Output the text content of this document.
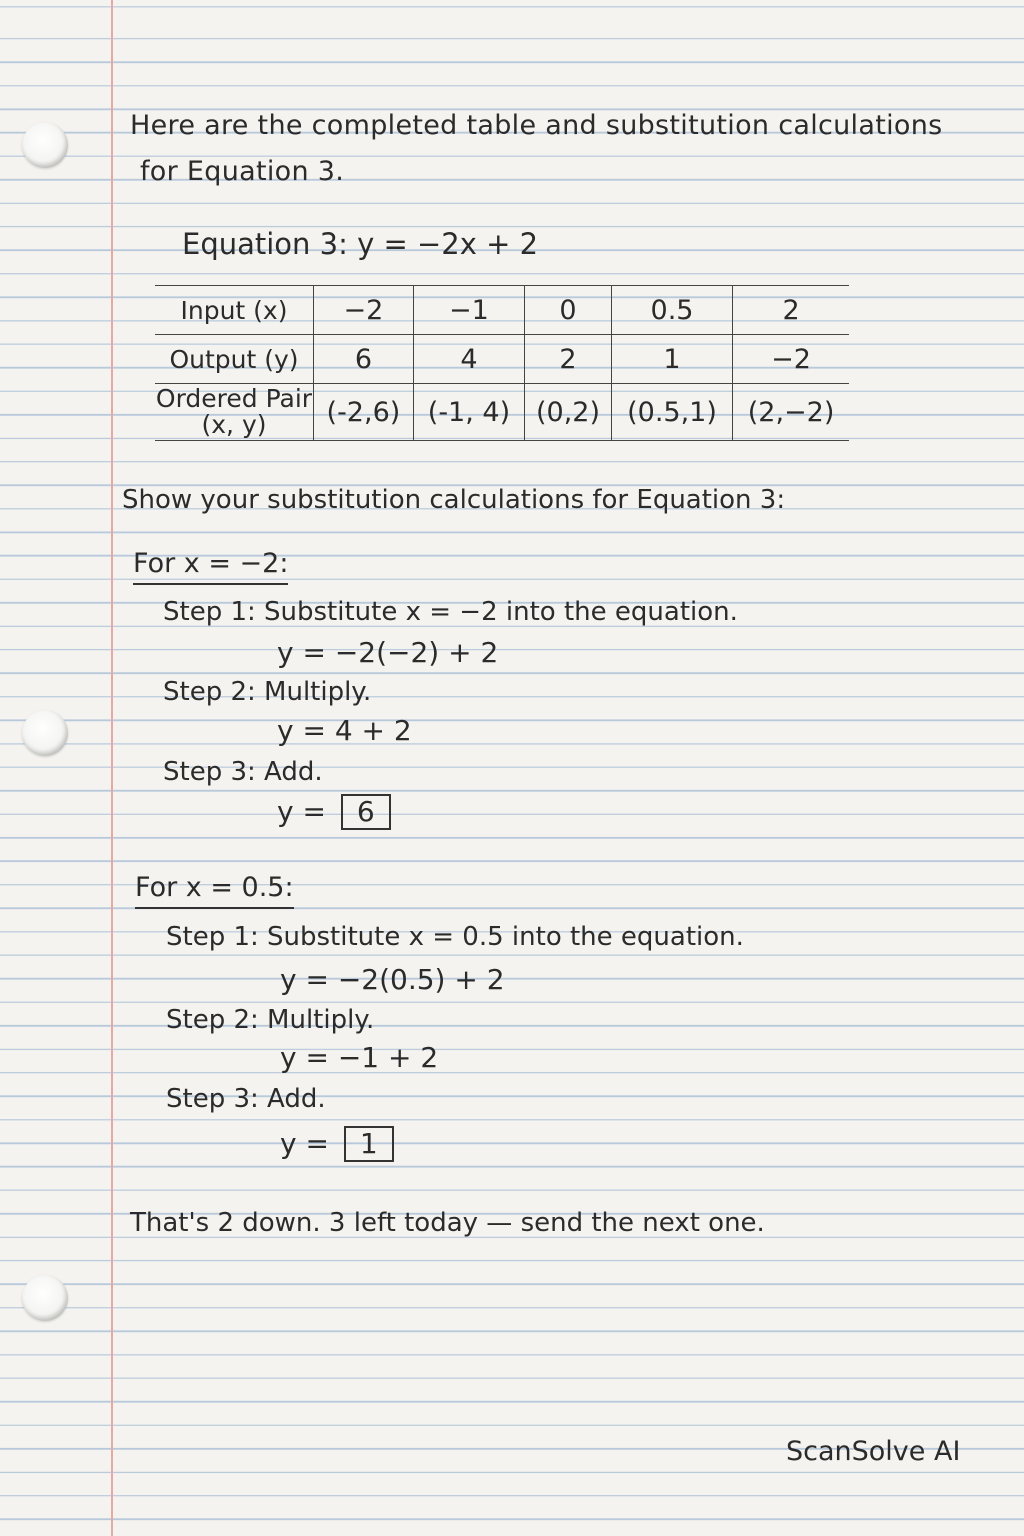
Here are the completed table and substitution calculations
for Equation 3.
Equation 3: y = −2x + 2
Input (x)	−2	−1	0	0.5	2
Output (y)	6	4	2	1	−2

Ordered Pair
(x, y)	(-2,6)	(-1, 4)	(0,2)	(0.5,1)	(2,−2)
Show your substitution calculations for Equation 3:
For x = −2:
Step 1: Substitute x = −2 into the equation.
y = −2(−2) + 2
Step 2: Multiply.
y = 4 + 2
Step 3: Add.
y = 6
For x = 0.5:
Step 1: Substitute x = 0.5 into the equation.
y = −2(0.5) + 2
Step 2: Multiply.
y = −1 + 2
Step 3: Add.
y = 1
That's 2 down. 3 left today — send the next one.
ScanSolve AI
